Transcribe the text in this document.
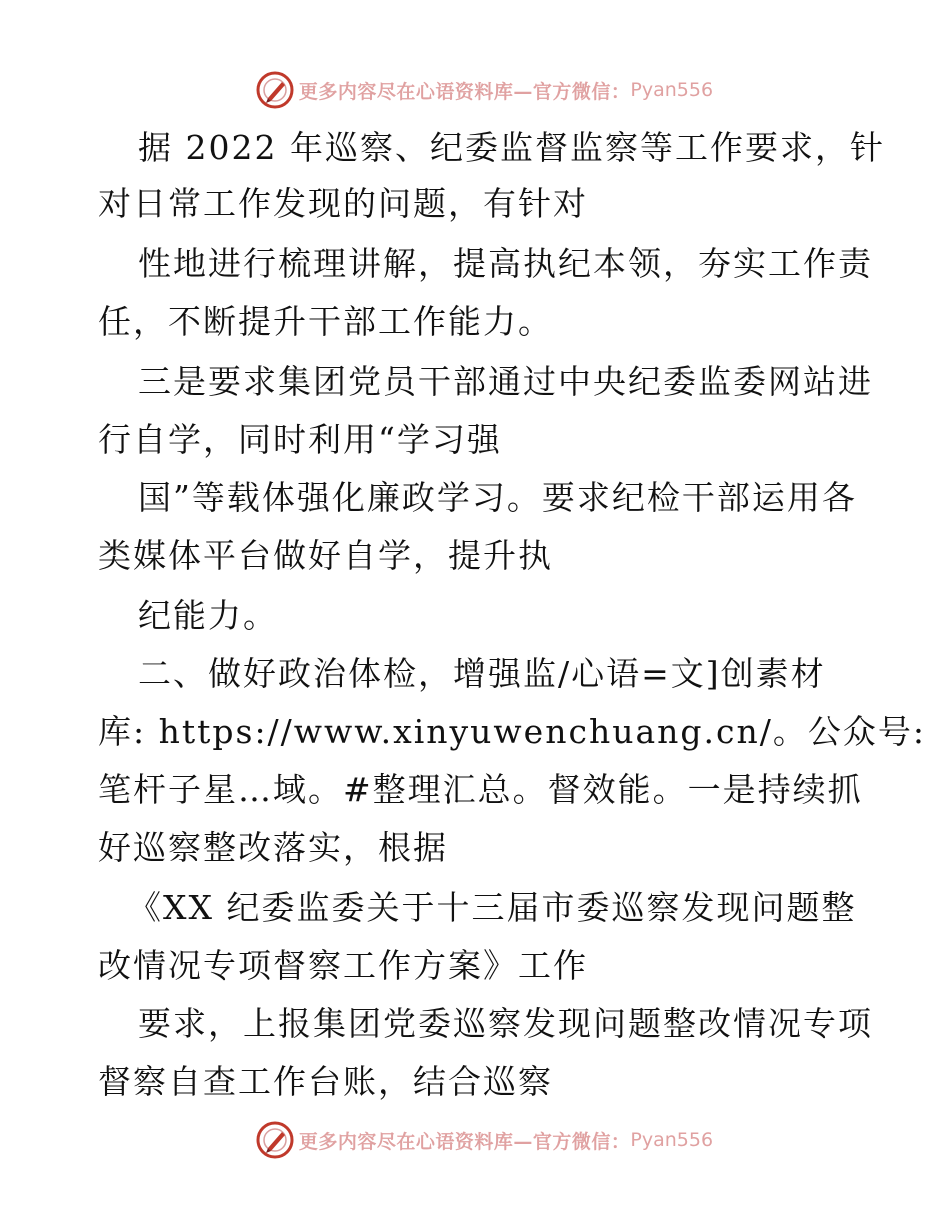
更多内容尽在心语资料库—官方微信： Pyan556
据 2022 年巡察、纪委监督监察等工作要求，针
对日常工作发现的问题，有针对
性地进行梳理讲解，提高执纪本领，夯实工作责
任，不断提升干部工作能力。
三是要求集团党员干部通过中央纪委监委网站进
行自学，同时利用“学习强
国”等载体强化廉政学习。要求纪检干部运用各
类媒体平台做好自学，提升执
纪能力。
二、做好政治体检，增强监/心语=文]创素材
库: https://www.xinyuwenchuang.cn/。公众号:
笔杆子星…域。#整理汇总。督效能。一是持续抓
好巡察整改落实，根据
《XX 纪委监委关于十三届市委巡察发现问题整
改情况专项督察工作方案》工作
要求，上报集团党委巡察发现问题整改情况专项
督察自查工作台账，结合巡察
更多内容尽在心语资料库—官方微信： Pyan556
